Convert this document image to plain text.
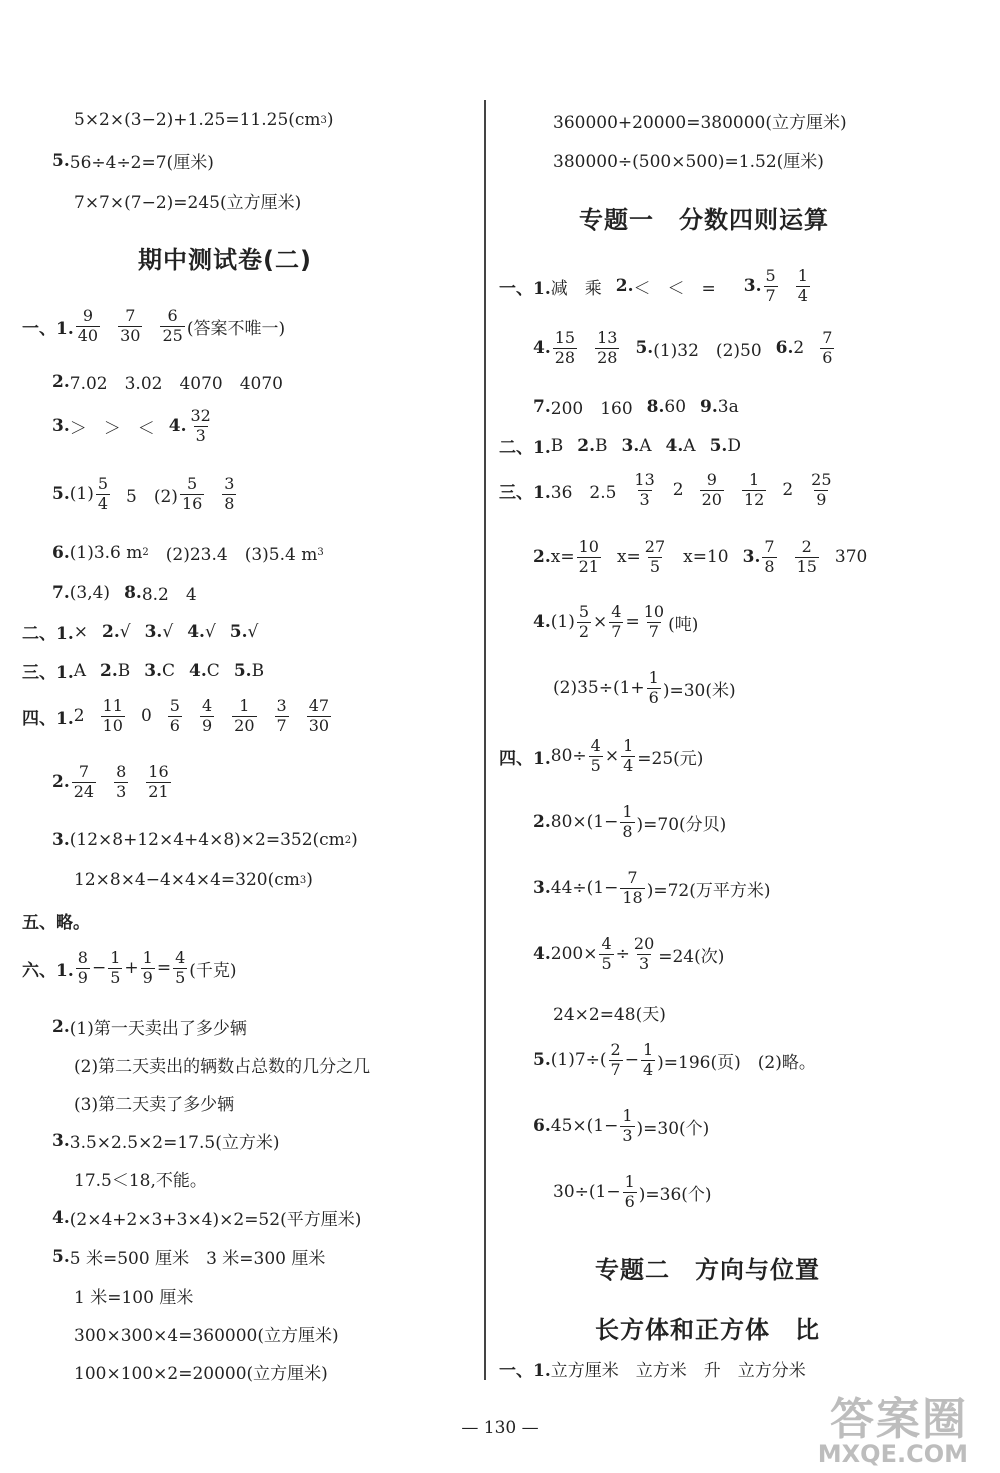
5×2×(3−2)+1.25=11.25(cm 3 )
5. 56÷4÷2=7(厘米)
7×7×(7−2)=245(立方厘米)
期中测试卷(二)
一、1. $\frac{9}{40} \frac{7}{30} \frac{6}{25}$ (答案不唯一)
2. 7.02　3.02　4070　4070
3. ＞　＞　＜ 4. $\frac{32}{3}$
5. $(1) \frac{5}{4} 5$　$(2) \frac{5}{16} \frac{3}{8}$
6. (1)3.6 m 2 　(2)23.4　(3)5.4 m 3
7. (3,4) 8. 8.2　4
二、1. × 2. √ 3. √ 4. √ 5. √
三、1. A 2. B 3. C 4. C 5. B
四、1. $2 \frac{11}{10} 0 \frac{5}{6} \frac{4}{9} \frac{1}{20} \frac{3}{7} \frac{47}{30}$
2. $\frac{7}{24} \frac{8}{3} \frac{16}{21}$
3. (12×8+12×4+4×8)×2=352(cm 2 )
12×8×4−4×4×4=320(cm 3 )
五、略。
六、1. $\frac{8}{9} - \frac{1}{5} + \frac{1}{9} = \frac{4}{5}$ (千克)
2. (1)第一天卖出了多少辆
(2)第二天卖出的辆数占总数的几分之几
(3)第二天卖了多少辆
3. 3.5×2.5×2=17.5(立方米)
17.5＜18,不能。
4. (2×4+2×3+3×4)×2=52(平方厘米)
5. 5 米=500 厘米　3 米=300 厘米
1 米=100 厘米
300×300×4=360000(立方厘米)
100×100×2=20000(立方厘米)
360000+20000=380000(立方厘米)
380000÷(500×500)=1.52(厘米)
专题一　分数四则运算
一、1. 减　乘 2. ＜　＜　= 3. $\frac{5}{7} \frac{1}{4}$
4. $\frac{15}{28} \frac{13}{28} 5$. (1)32　(2)50 6. $2 \frac{7}{6}$
7. 200　160 8. 60 9. 3a
二、1. B 2. B 3. A 4. A 5. D
三、1. 36　$2.5 \frac{13}{3} 2 \frac{9}{20} \frac{1}{12} 2 \frac{25}{9}$
2. $x= \frac{10}{21} x= \frac{27}{5} x=10$ 3. $\frac{7}{8} \frac{2}{15} 370$
4. $(1) \frac{5}{2} \times \frac{4}{7} = \frac{10}{7}$ (吨)
$(2)35\div(1+ \frac{1}{6} )=30$(米)
四、1. $80\div \frac{4}{5} \times \frac{1}{4} =25$(元)
2. $80\times(1- \frac{1}{8} )=70$(分贝)
3. $44\div(1- \frac{7}{18} )=72$(万平方米)
4. $200\times \frac{4}{5} \div \frac{20}{3} =24$(次)
24×2=48(天)
5. $(1)7\div( \frac{2}{7} - \frac{1}{4} )=196$(页)　(2)略。
6. $45\times(1- \frac{1}{3} )=30$(个)
$30\div(1- \frac{1}{6} )=36$(个)
专题二　方向与位置
长方体和正方体　比
一、1. 立方厘米　立方米　升　立方分米
— 130 —	答案圈
MXQE.COM
